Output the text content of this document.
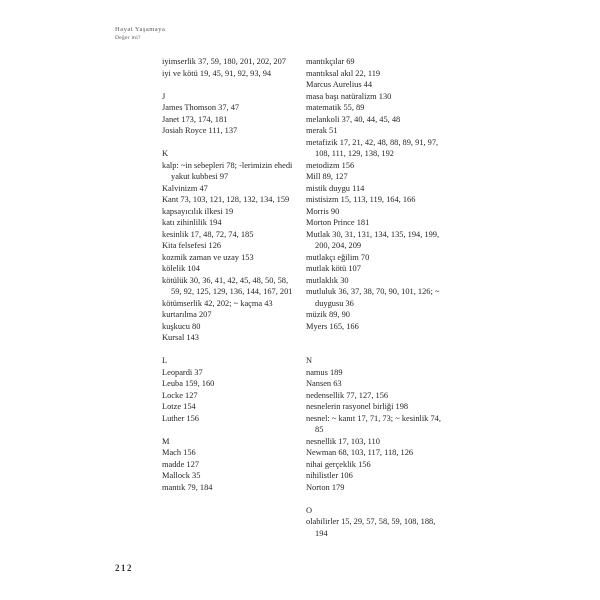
Hayat Yaşamaya
Değer mi?
iyimserlik 37, 59, 180, 201, 202, 207
iyi ve kötü 19, 45, 91, 92, 93, 94
J
James Thomson 37, 47
Janet 173, 174, 181
Josiah Royce 111, 137
K
kalp: ~in sebepleri 78; -lerimizin ehedi yakut kubbesi 97
Kalvinizm 47
Kant 73, 103, 121, 128, 132, 134, 159
kapsayıcılık ilkesi 19
katı zihinlilik 194
kesinlik 17, 48, 72, 74, 185
Kita felsefesi 126
kozmik zaman ve uzay 153
kölelik 104
kötülük 30, 36, 41, 42, 45, 48, 50, 58, 59, 92, 125, 129, 136, 144, 167, 201
kötümserlik 42, 202; ~ kaçma 43
kurtarılma 207
kuşkucu 80
Kursal 143
L
Leopardi 37
Leuba 159, 160
Locke 127
Lotze 154
Luther 156
M
Mach 156
madde 127
Mallock 35
mantık 79, 184
mantıkçılar 69
mantıksal akıl 22, 119
Marcus Aurelius 44
masa başı natüralizm 130
matematik 55, 89
melankoli 37, 40, 44, 45, 48
merak 51
metafizik 17, 21, 42, 48, 88, 89, 91, 97, 108, 111, 129, 138, 192
metodizm 156
Mill 89, 127
mistik duygu 114
mistisizm 15, 113, 119, 164, 166
Morris 90
Morton Prince 181
Mutlak 30, 31, 131, 134, 135, 194, 199, 200, 204, 209
mutlakçı eğilim 70
mutlak kötü 107
mutlaklık 30
mutluluk 36, 37, 38, 70, 90, 101, 126; ~ duygusu 36
müzik 89, 90
Myers 165, 166
N
namus 189
Nansen 63
nedensellik 77, 127, 156
nesnelerin rasyonel birliği 198
nesnel: ~ kanıt 17, 71, 73; ~ kesinlik 74, 85
nesnellik 17, 103, 110
Newman 68, 103, 117, 118, 126
nihai gerçeklik 156
nihilistler 106
Norton 179
O
olabilirler 15, 29, 57, 58, 59, 108, 188, 194
212
